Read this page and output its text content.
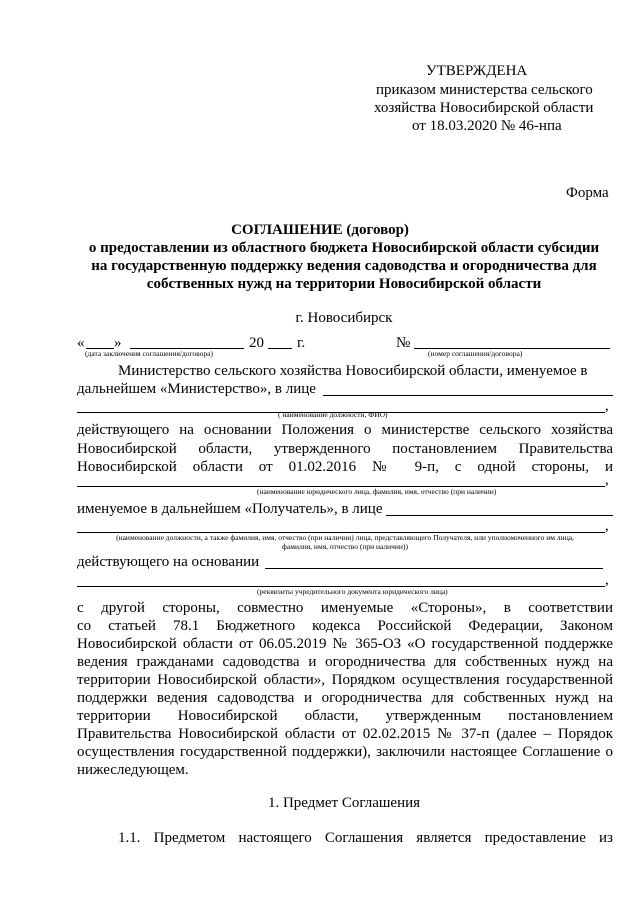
УТВЕРЖДЕНА
приказом министерства сельского
хозяйства Новосибирской области
от 18.03.2020 № 46-нпа
Форма
СОГЛАШЕНИЕ (договор)
о предоставлении из областного бюджета Новосибирской области субсидии
на государственную поддержку ведения садоводства и огородничества для
собственных нужд на территории Новосибирской области
г. Новосибирск
« »	20 г.	№
(дата заключения соглашения/договора)	(номер соглашения/договора)
Министерство сельского хозяйства Новосибирской области, именуемое в
дальнейшем «Министерство», в лице
,
( наименование должности, ФИО)
действующего на основании Положения о министерстве сельского хозяйства
Новосибирской области, утвержденного постановлением Правительства
Новосибирской области от 01.02.2016 № 9-п, с одной стороны, и
,
(наименование юридического лица, фамилия, имя, отчество (при наличии)
именуемое в дальнейшем «Получатель», в лице
,
(наименование должности, а также фамилия, имя, отчество (при наличии) лица, представляющего Получателя, или уполномоченного им лица,
фамилия, имя, отчество (при наличии))
действующего на основании
,
(реквизиты учредительного документа юридического лица)
с другой стороны, совместно именуемые «Стороны», в соответствии
со статьей 78.1 Бюджетного кодекса Российской Федерации, Законом
Новосибирской области от 06.05.2019 № 365-ОЗ «О государственной поддержке
ведения гражданами садоводства и огородничества для собственных нужд на
территории Новосибирской области», Порядком осуществления государственной
поддержки ведения садоводства и огородничества для собственных нужд на
территории Новосибирской области, утвержденным постановлением
Правительства Новосибирской области от 02.02.2015 № 37-п (далее – Порядок
осуществления государственной поддержки), заключили настоящее Соглашение о
нижеследующем.
1. Предмет Соглашения
1.1. Предметом настоящего Соглашения является предоставление из
